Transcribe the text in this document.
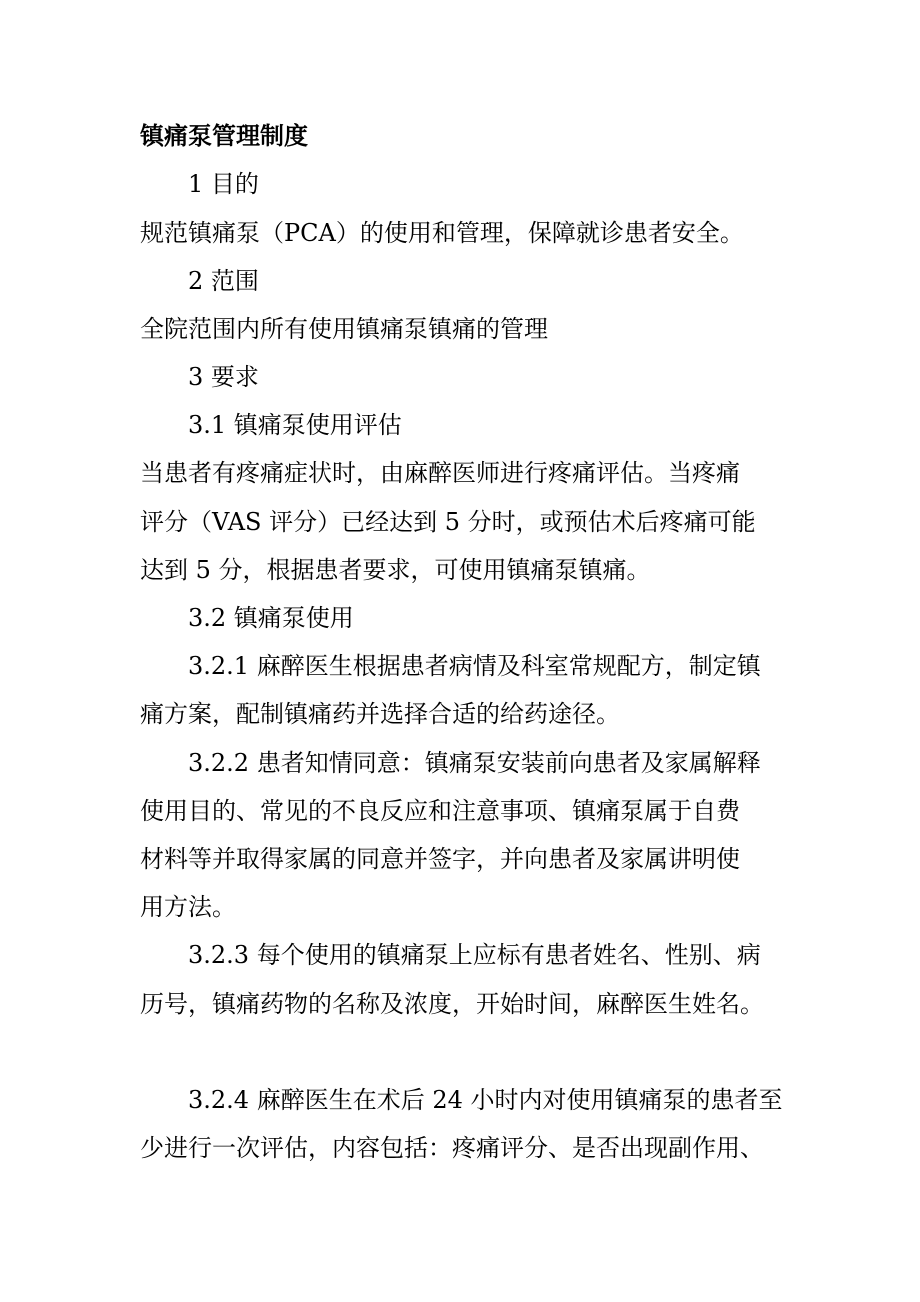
镇痛泵管理制度
1 目的
规范镇痛泵（PCA）的使用和管理，保障就诊患者安全。
2 范围
全院范围内所有使用镇痛泵镇痛的管理
3 要求
3.1 镇痛泵使用评估
当患者有疼痛症状时，由麻醉医师进行疼痛评估。当疼痛
评分（VAS 评分）已经达到 5 分时，或预估术后疼痛可能
达到 5 分，根据患者要求，可使用镇痛泵镇痛。
3.2 镇痛泵使用
3.2.1 麻醉医生根据患者病情及科室常规配方，制定镇
痛方案，配制镇痛药并选择合适的给药途径。
3.2.2 患者知情同意：镇痛泵安装前向患者及家属解释
使用目的、常见的不良反应和注意事项、镇痛泵属于自费
材料等并取得家属的同意并签字，并向患者及家属讲明使
用方法。
3.2.3 每个使用的镇痛泵上应标有患者姓名、性别、病
历号，镇痛药物的名称及浓度，开始时间，麻醉医生姓名。
3.2.4 麻醉医生在术后 24 小时内对使用镇痛泵的患者至
少进行一次评估，内容包括：疼痛评分、是否出现副作用、
